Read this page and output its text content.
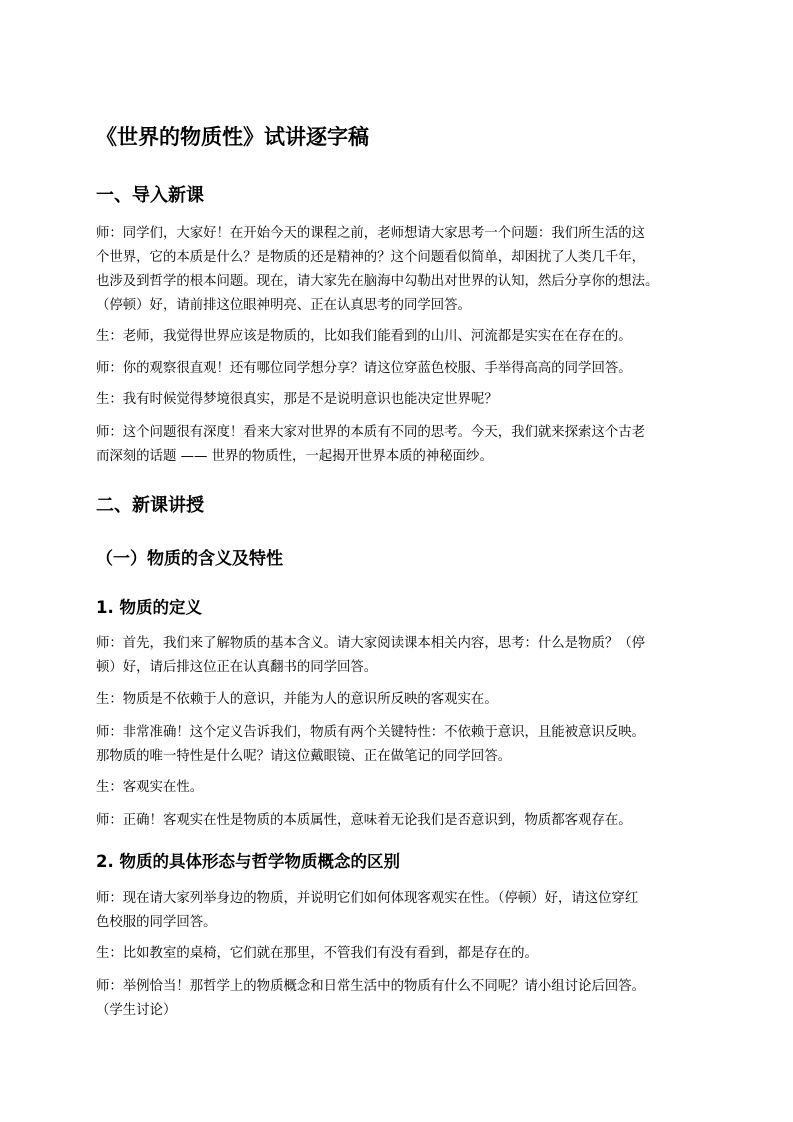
《世界的物质性》试讲逐字稿
一、导入新课

师：同学们，大家好！在开始今天的课程之前，老师想请大家思考一个问题：我们所生活的这
个世界，它的本质是什么？是物质的还是精神的？这个问题看似简单，却困扰了人类几千年，
也涉及到哲学的根本问题。现在，请大家先在脑海中勾勒出对世界的认知，然后分享你的想法。
（停顿）好，请前排这位眼神明亮、正在认真思考的同学回答。

生：老师，我觉得世界应该是物质的，比如我们能看到的山川、河流都是实实在在存在的。

师：你的观察很直观！还有哪位同学想分享？请这位穿蓝色校服、手举得高高的同学回答。

生：我有时候觉得梦境很真实，那是不是说明意识也能决定世界呢？

师：这个问题很有深度！看来大家对世界的本质有不同的思考。今天，我们就来探索这个古老
而深刻的话题 —— 世界的物质性，一起揭开世界本质的神秘面纱。

二、新课讲授
（一）物质的含义及特性
1. 物质的定义

师：首先，我们来了解物质的基本含义。请大家阅读课本相关内容，思考：什么是物质？（停
顿）好，请后排这位正在认真翻书的同学回答。

生：物质是不依赖于人的意识，并能为人的意识所反映的客观实在。

师：非常准确！这个定义告诉我们，物质有两个关键特性：不依赖于意识，且能被意识反映。
那物质的唯一特性是什么呢？请这位戴眼镜、正在做笔记的同学回答。

生：客观实在性。

师：正确！客观实在性是物质的本质属性，意味着无论我们是否意识到，物质都客观存在。

2. 物质的具体形态与哲学物质概念的区别

师：现在请大家列举身边的物质，并说明它们如何体现客观实在性。（停顿）好，请这位穿红
色校服的同学回答。

生：比如教室的桌椅，它们就在那里，不管我们有没有看到，都是存在的。

师：举例恰当！那哲学上的物质概念和日常生活中的物质有什么不同呢？请小组讨论后回答。
（学生讨论）
